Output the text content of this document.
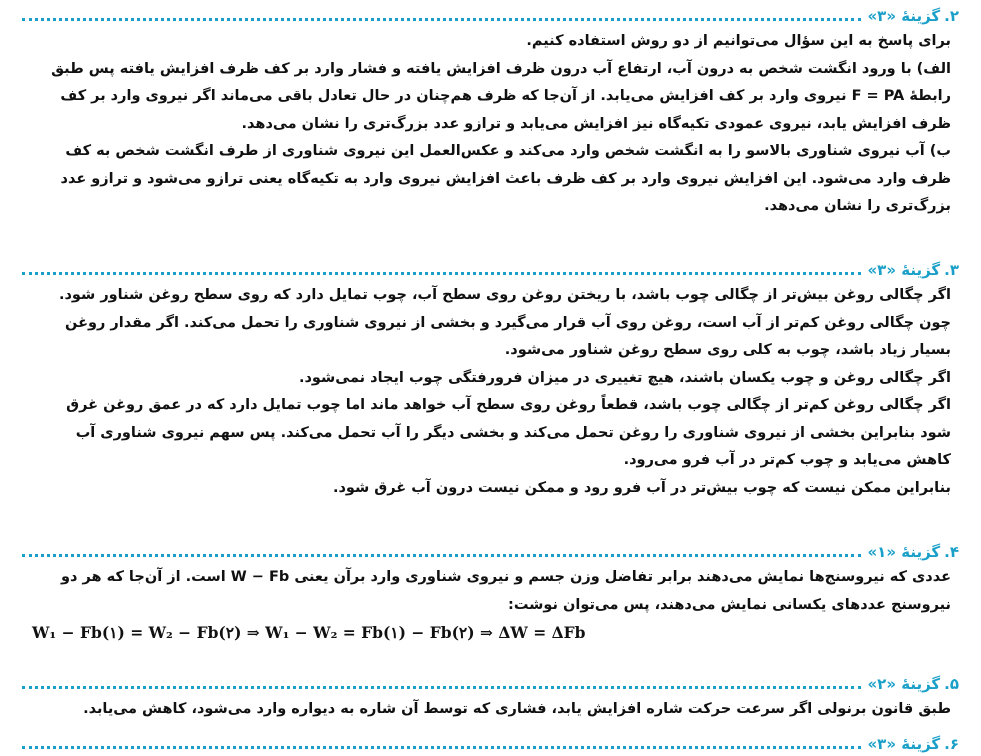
۲.
گزینهٔ «۳»
برای پاسخ به این سؤال می‌توانیم از دو روش استفاده کنیم.
الف) با ورود انگشت شخص به درون آب، ارتفاع آب درون ظرف افزایش یافته و فشار وارد بر کف ظرف افزایش یافته پس طبق
رابطهٔ F = PA نیروی وارد بر کف افزایش می‌یابد. از آن‌جا که ظرف هم‌چنان در حال تعادل باقی می‌ماند اگر نیروی وارد بر کف
ظرف افزایش یابد، نیروی عمودی تکیه‌گاه نیز افزایش می‌یابد و ترازو عدد بزرگ‌تری را نشان می‌دهد.
ب) آب نیروی شناوری بالاسو را به انگشت شخص وارد می‌کند و عکس‌العمل این نیروی شناوری از طرف انگشت شخص به کف
ظرف وارد می‌شود. این افزایش نیروی وارد بر کف ظرف باعث افزایش نیروی وارد به تکیه‌گاه یعنی ترازو می‌شود و ترازو عدد
بزرگ‌تری را نشان می‌دهد.
۳.
گزینهٔ «۳»
اگر چگالی روغن بیش‌تر از چگالی چوب باشد، با ریختن روغن روی سطح آب، چوب تمایل دارد که روی سطح روغن شناور شود.
چون چگالی روغن کم‌تر از آب است، روغن روی آب قرار می‌گیرد و بخشی از نیروی شناوری را تحمل می‌کند. اگر مقدار روغن
بسیار زیاد باشد، چوب به کلی روی سطح روغن شناور می‌شود.
اگر چگالی روغن و چوب یکسان باشند، هیچ تغییری در میزان فرورفتگی چوب ایجاد نمی‌شود.
اگر چگالی روغن کم‌تر از چگالی چوب باشد، قطعاً روغن روی سطح آب خواهد ماند اما چوب تمایل دارد که در عمق روغن غرق
شود بنابراین بخشی از نیروی شناوری را روغن تحمل می‌کند و بخشی دیگر را آب تحمل می‌کند. پس سهم نیروی شناوری آب
کاهش می‌یابد و چوب کم‌تر در آب فرو می‌رود.
بنابراین ممکن نیست که چوب بیش‌تر در آب فرو رود و ممکن نیست درون آب غرق شود.
۴.
گزینهٔ «۱»
عددی که نیروسنج‌ها نمایش می‌دهند برابر تفاضل وزن جسم و نیروی شناوری وارد برآن یعنی W − Fb است. از آن‌جا که هر دو
نیروسنج عددهای یکسانی نمایش می‌دهند، پس می‌توان نوشت:
W₁ − Fb(۱) = W₂ − Fb(۲) ⇒ W₁ − W₂ = Fb(۱) − Fb(۲) ⇒ ΔW = ΔFb
۵.
گزینهٔ «۲»
طبق قانون برنولی اگر سرعت حرکت شاره افزایش یابد، فشاری که توسط آن شاره به دیواره وارد می‌شود، کاهش می‌یابد.
۶.
گزینهٔ «۳»
